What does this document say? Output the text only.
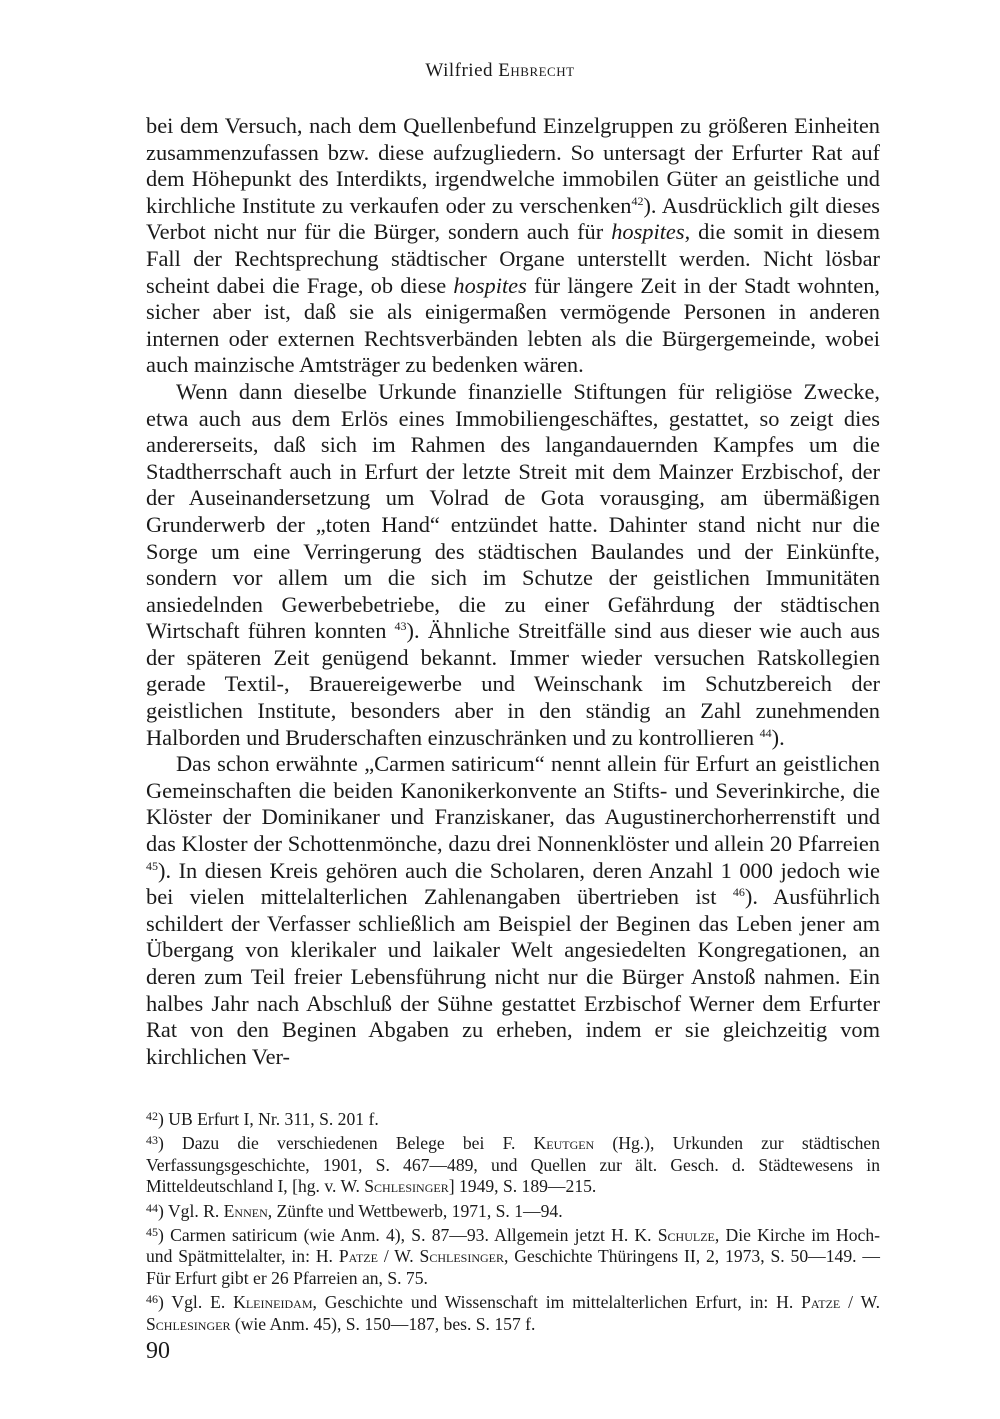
Wilfried Ehbrecht

bei dem Versuch, nach dem Quellenbefund Einzelgruppen zu größeren Einheiten zusammenzufassen bzw. diese aufzugliedern. So untersagt der Erfurter Rat auf dem Höhepunkt des Interdikts, irgendwelche immobilen Güter an geistliche und kirchliche Institute zu verkaufen oder zu verschenken$^{42}$). Ausdrücklich gilt dieses Verbot nicht nur für die Bürger, sondern auch für hospites, die somit in diesem Fall der Rechtsprechung städtischer Organe unterstellt werden. Nicht lösbar scheint dabei die Frage, ob diese hospites für längere Zeit in der Stadt wohnten, sicher aber ist, daß sie als einigermaßen vermögende Personen in anderen internen oder externen Rechtsverbänden lebten als die Bürgergemeinde, wobei auch mainzische Amtsträger zu bedenken wären.

Wenn dann dieselbe Urkunde finanzielle Stiftungen für religiöse Zwecke, etwa auch aus dem Erlös eines Immobiliengeschäftes, gestattet, so zeigt dies andererseits, daß sich im Rahmen des langandauernden Kampfes um die Stadtherrschaft auch in Erfurt der letzte Streit mit dem Mainzer Erzbischof, der der Auseinandersetzung um Volrad de Gota vorausging, am übermäßigen Grunderwerb der „toten Hand“ entzündet hatte. Dahinter stand nicht nur die Sorge um eine Verringerung des städtischen Baulandes und der Einkünfte, sondern vor allem um die sich im Schutze der geistlichen Immunitäten ansiedelnden Gewerbebetriebe, die zu einer Gefährdung der städtischen Wirtschaft führen konnten $^{43}$). Ähnliche Streitfälle sind aus dieser wie auch aus der späteren Zeit genügend bekannt. Immer wieder versuchen Ratskollegien gerade Textil-, Brauereigewerbe und Weinschank im Schutzbereich der geistlichen Institute, besonders aber in den ständig an Zahl zunehmenden Halborden und Bruderschaften einzuschränken und zu kontrollieren $^{44}$).

Das schon erwähnte „Carmen satiricum“ nennt allein für Erfurt an geistlichen Gemeinschaften die beiden Kanonikerkonvente an Stifts- und Severinkirche, die Klöster der Dominikaner und Franziskaner, das Augustinerchorherrenstift und das Kloster der Schottenmönche, dazu drei Nonnenklöster und allein 20 Pfarreien $^{45}$). In diesen Kreis gehören auch die Scholaren, deren Anzahl 1 000 jedoch wie bei vielen mittelalterlichen Zahlenangaben übertrieben ist $^{46}$). Ausführlich schildert der Verfasser schließlich am Beispiel der Beginen das Leben jener am Übergang von klerikaler und laikaler Welt angesiedelten Kongregationen, an deren zum Teil freier Lebensführung nicht nur die Bürger Anstoß nahmen. Ein halbes Jahr nach Abschluß der Sühne gestattet Erzbischof Werner dem Erfurter Rat von den Beginen Abgaben zu erheben, indem er sie gleichzeitig vom kirchlichen Ver-

$^{42}$) UB Erfurt I, Nr. 311, S. 201 f.

$^{43}$) Dazu die verschiedenen Belege bei F. Keutgen (Hg.), Urkunden zur städtischen Verfassungsgeschichte, 1901, S. 467—489, und Quellen zur ält. Gesch. d. Städtewesens in Mitteldeutschland I, [hg. v. W. Schlesinger] 1949, S. 189—215.

$^{44}$) Vgl. R. Ennen, Zünfte und Wettbewerb, 1971, S. 1—94.

$^{45}$) Carmen satiricum (wie Anm. 4), S. 87—93. Allgemein jetzt H. K. Schulze, Die Kirche im Hoch- und Spätmittelalter, in: H. Patze / W. Schlesinger, Geschichte Thüringens II, 2, 1973, S. 50—149. — Für Erfurt gibt er 26 Pfarreien an, S. 75.

$^{46}$) Vgl. E. Kleineidam, Geschichte und Wissenschaft im mittelalterlichen Erfurt, in: H. Patze / W. Schlesinger (wie Anm. 45), S. 150—187, bes. S. 157 f.

90
